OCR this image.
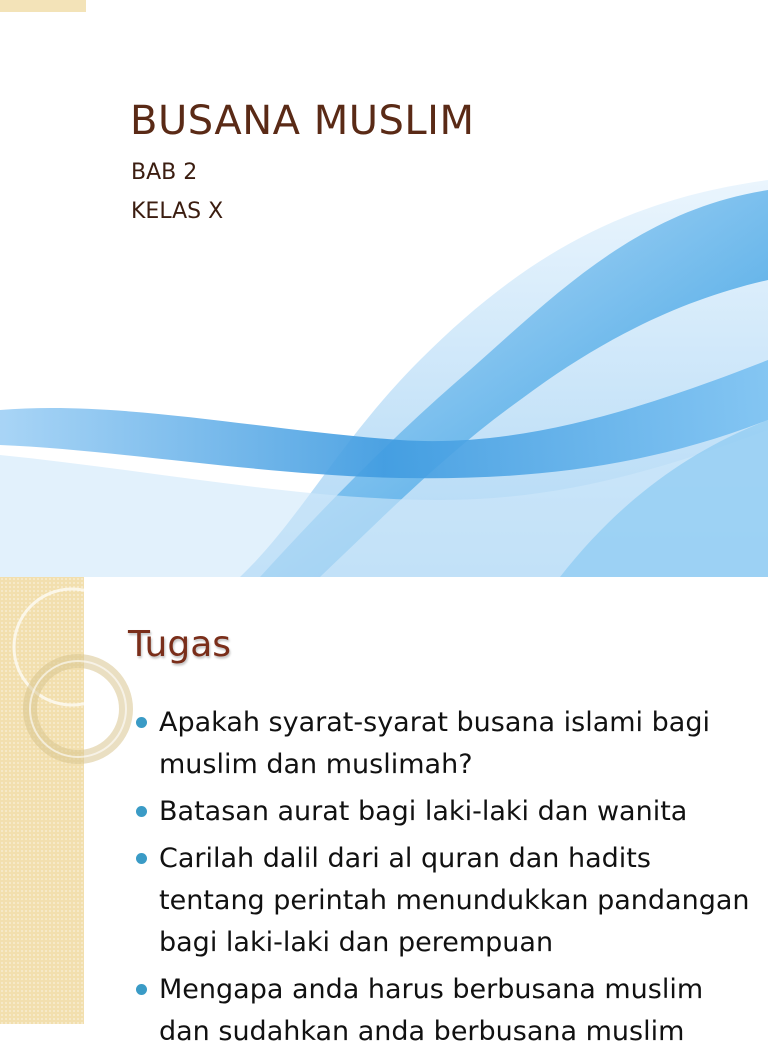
BUSANA MUSLIM
BAB 2
KELAS X
Tugas
Apakah syarat-syarat busana islami bagi muslim dan muslimah?
Batasan aurat bagi laki-laki dan wanita
Carilah dalil dari al quran dan hadits tentang perintah menundukkan pandangan bagi laki-laki dan perempuan
Mengapa anda harus berbusana muslim dan sudahkan anda berbusana muslim
